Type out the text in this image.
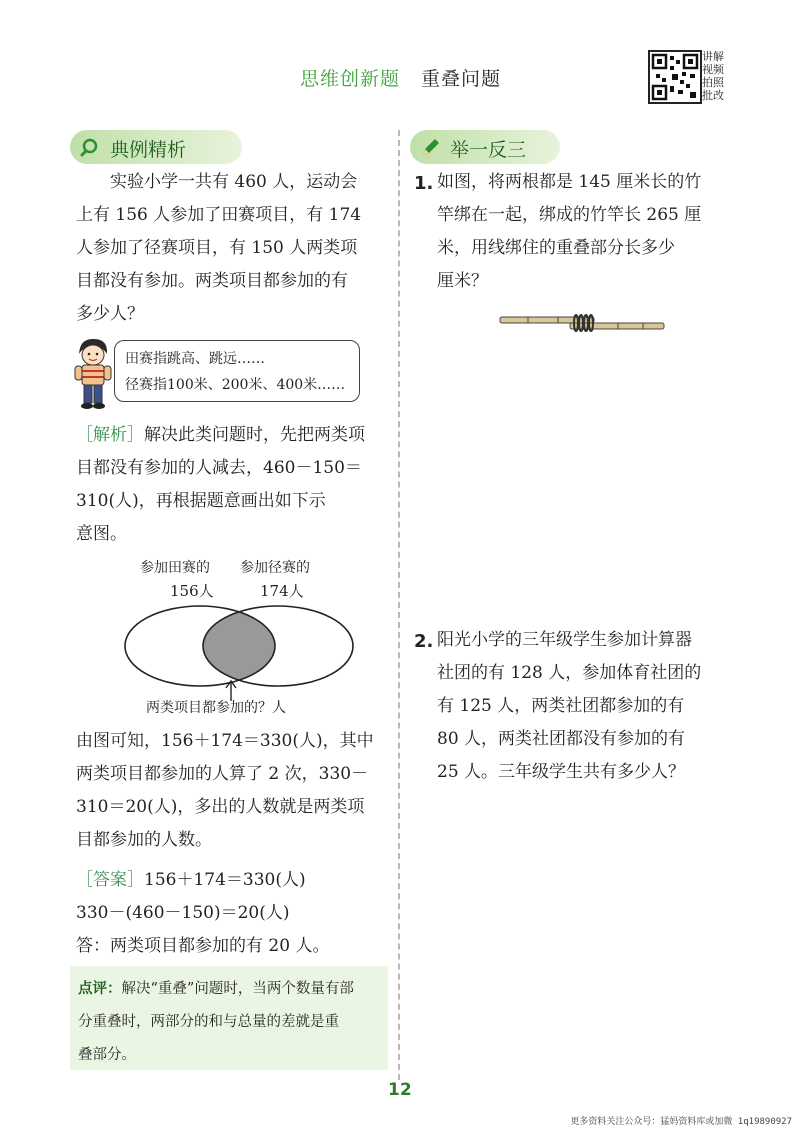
思维创新题 重叠问题
讲解视频拍照批改
典例精析
实验小学一共有 460 人，运动会
上有 156 人参加了田赛项目，有 174
人参加了径赛项目，有 150 人两类项
目都没有参加。两类项目都参加的有
多少人？
田赛指跳高、跳远……
径赛指100米、200米、400米……
［解析］解决此类问题时，先把两类项
目都没有参加的人减去，460－150＝
310(人)，再根据题意画出如下示
意图。
参加田赛的 参加径赛的
156人	174人
两类项目都参加的？人
由图可知，156＋174＝330(人)，其中
两类项目都参加的人算了 2 次，330－
310＝20(人)，多出的人数就是两类项
目都参加的人数。
［答案］156＋174＝330(人)
330－(460－150)＝20(人)
答：两类项目都参加的有 20 人。
点评：解决“重叠”问题时，当两个数量有部
分重叠时，两部分的和与总量的差就是重
叠部分。
举一反三
1. 如图，将两根都是 145 厘米长的竹
竿绑在一起，绑成的竹竿长 265 厘
米，用线绑住的重叠部分长多少
厘米？
2. 阳光小学的三年级学生参加计算器
社团的有 128 人，参加体育社团的
有 125 人，两类社团都参加的有
80 人，两类社团都没有参加的有
25 人。三年级学生共有多少人？
12
更多资料关注公众号：猛妈资料库或加微 1q19890927
